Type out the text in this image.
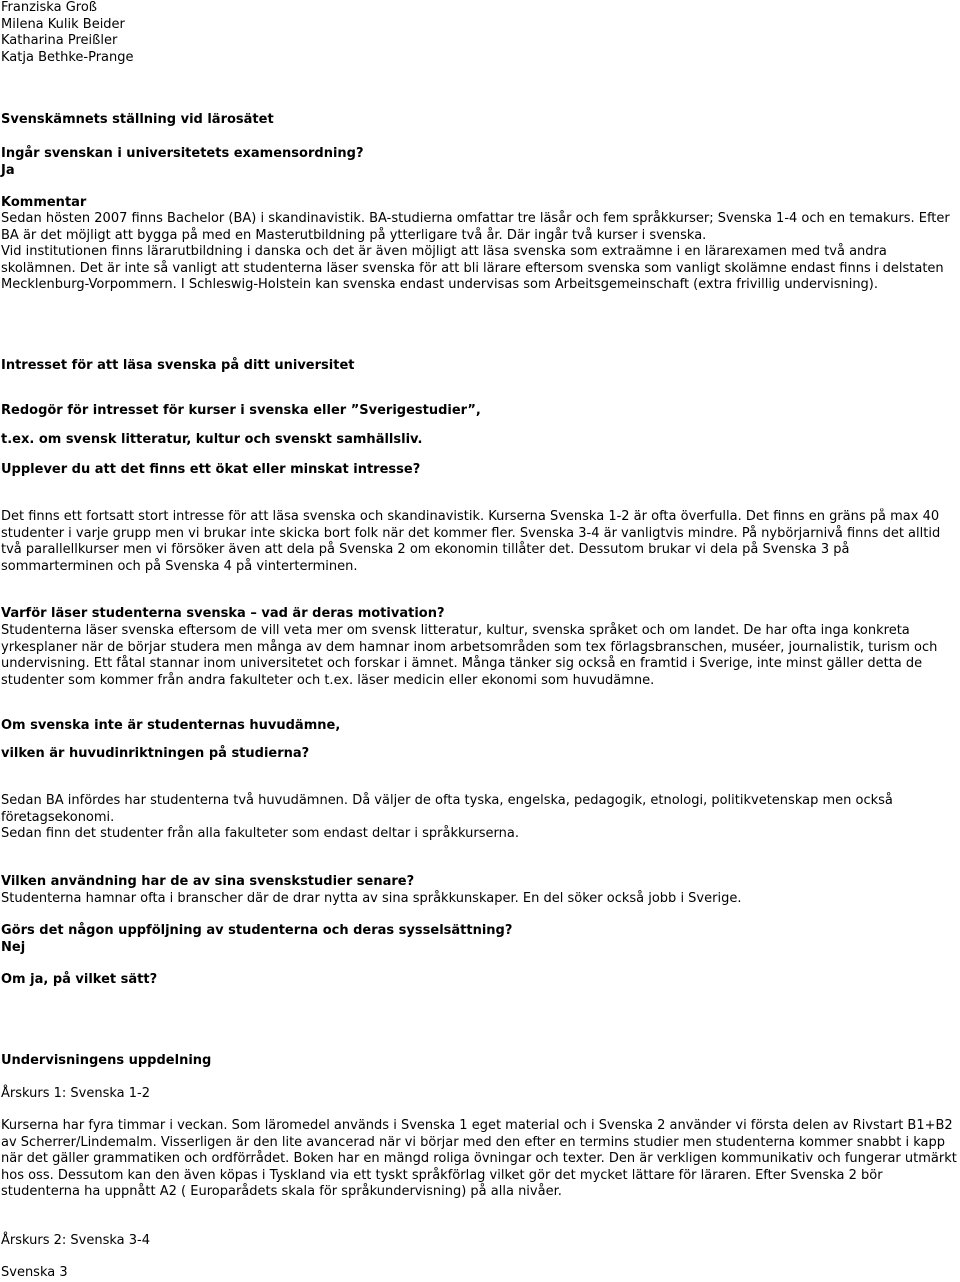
Franziska Groß

Milena Kulik Beider

Katharina Preißler

Katja Bethke-Prange

Svenskämnets ställning vid lärosätet

Ingår svenskan i universitetets examensordning?

Ja

Kommentar

Sedan hösten 2007 finns Bachelor (BA) i skandinavistik. BA-studierna omfattar tre läsår och fem språkkurser; Svenska 1-4 och en temakurs. Efter BA är det möjligt att bygga på med en Masterutbildning på ytterligare två år. Där ingår två kurser i svenska.

Vid institutionen finns lärarutbildning i danska och det är även möjligt att läsa svenska som extraämne i en lärarexamen med två andra skolämnen. Det är inte så vanligt att studenterna läser svenska för att bli lärare eftersom svenska som vanligt skolämne endast finns i delstaten Mecklenburg-Vorpommern. I Schleswig-Holstein kan svenska endast undervisas som Arbeitsgemeinschaft (extra frivillig undervisning).

Intresset för att läsa svenska på ditt universitet

Redogör för intresset för kurser i svenska eller ”Sverigestudier”,

t.ex. om svensk litteratur, kultur och svenskt samhällsliv.

Upplever du att det finns ett ökat eller minskat intresse?

Det finns ett fortsatt stort intresse för att läsa svenska och skandinavistik. Kurserna Svenska 1-2 är ofta överfulla. Det finns en gräns på max 40 studenter i varje grupp men vi brukar inte skicka bort folk när det kommer fler. Svenska 3-4 är vanligtvis mindre. På nybörjarnivå finns det alltid två parallellkurser men vi försöker även att dela på Svenska 2 om ekonomin tillåter det. Dessutom brukar vi dela på Svenska 3 på sommarterminen och på Svenska 4 på vinterterminen.

Varför läser studenterna svenska – vad är deras motivation?

Studenterna läser svenska eftersom de vill veta mer om svensk litteratur, kultur, svenska språket och om landet. De har ofta inga konkreta yrkesplaner när de börjar studera men många av dem hamnar inom arbetsområden som tex förlagsbranschen, muséer, journalistik, turism och undervisning. Ett fåtal stannar inom universitetet och forskar i ämnet. Många tänker sig också en framtid i Sverige, inte minst gäller detta de studenter som kommer från andra fakulteter och t.ex. läser medicin eller ekonomi som huvudämne.

Om svenska inte är studenternas huvudämne,

vilken är huvudinriktningen på studierna?

Sedan BA infördes har studenterna två huvudämnen. Då väljer de ofta tyska, engelska, pedagogik, etnologi, politikvetenskap men också företagsekonomi.

Sedan finn det studenter från alla fakulteter som endast deltar i språkkurserna.

Vilken användning har de av sina svenskstudier senare?

Studenterna hamnar ofta i branscher där de drar nytta av sina språkkunskaper. En del söker också jobb i Sverige.

Görs det någon uppföljning av studenterna och deras sysselsättning?

Nej

Om ja, på vilket sätt?

Undervisningens uppdelning

Årskurs 1: Svenska 1-2

Kurserna har fyra timmar i veckan. Som läromedel används i Svenska 1 eget material och i Svenska 2 använder vi första delen av Rivstart B1+B2 av Scherrer/Lindemalm. Visserligen är den lite avancerad när vi börjar med den efter en termins studier men studenterna kommer snabbt i kapp när det gäller grammatiken och ordförrådet. Boken har en mängd roliga övningar och texter. Den är verkligen kommunikativ och fungerar utmärkt hos oss. Dessutom kan den även köpas i Tyskland via ett tyskt språkförlag vilket gör det mycket lättare för läraren. Efter Svenska 2 bör studenterna ha uppnått A2 ( Europarådets skala för språkundervisning) på alla nivåer.

Årskurs 2: Svenska 3-4

Svenska 3
